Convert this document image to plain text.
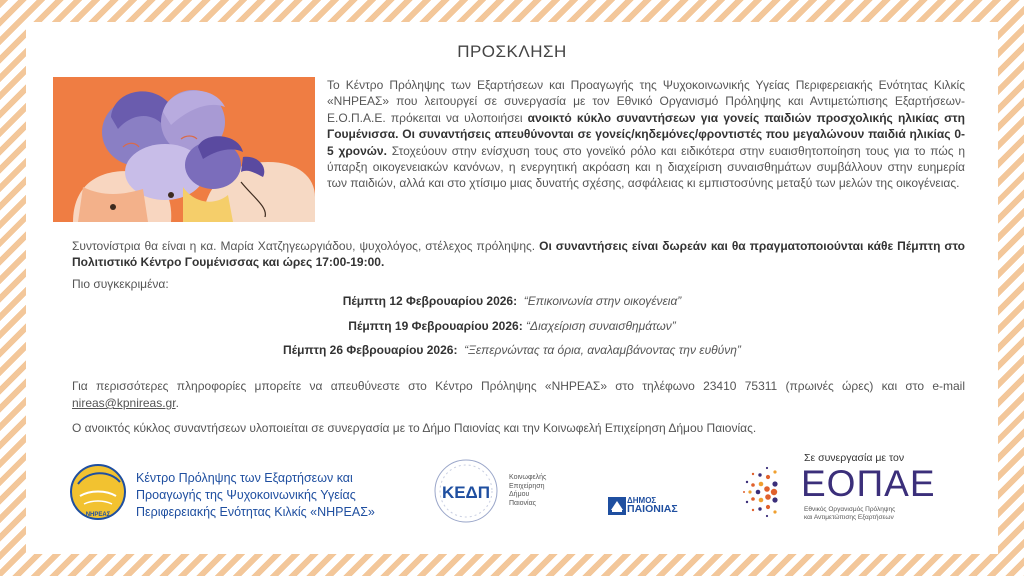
ΠΡΟΣΚΛΗΣΗ
Το Κέντρο Πρόληψης των Εξαρτήσεων και Προαγωγής της Ψυχοκοινωνικής Υγείας Περιφερειακής Ενότητας Κιλκίς «ΝΗΡΕΑΣ» που λειτουργεί σε συνεργασία με τον Εθνικό Οργανισμό Πρόληψης και Αντιμετώπισης Εξαρτήσεων-Ε.Ο.Π.Α.Ε. πρόκειται να υλοποιήσει ανοικτό κύκλο συναντήσεων για γονείς παιδιών προσχολικής ηλικίας στη Γουμένισσα. Οι συναντήσεις απευθύνονται σε γονείς/κηδεμόνες/φροντιστές που μεγαλώνουν παιδιά ηλικίας 0-5 χρονών. Στοχεύουν στην ενίσχυση τους στο γονεϊκό ρόλο και ειδικότερα στην ευαισθητοποίηση τους για το πώς η ύπαρξη οικογενειακών κανόνων, η ενεργητική ακρόαση και η διαχείριση συναισθημάτων συμβάλλουν στην ευημερία των παιδιών, αλλά και στο χτίσιμο μιας δυνατής σχέσης, ασφάλειας κι εμπιστοσύνης μεταξύ των μελών της οικογένειας.
Συντονίστρια θα είναι η κα. Μαρία Χατζηγεωργιάδου, ψυχολόγος, στέλεχος πρόληψης. Οι συναντήσεις είναι δωρεάν και θα πραγματοποιούνται κάθε Πέμπτη στο Πολιτιστικό Κέντρο Γουμένισσας και ώρες 17:00-19:00.
Πιο συγκεκριμένα:
Πέμπτη 12 Φεβρουαρίου 2026: “Επικοινωνία στην οικογένεια”
Πέμπτη 19 Φεβρουαρίου 2026: “Διαχείριση συναισθημάτων”
Πέμπτη 26 Φεβρουαρίου 2026: “Ξεπερνώντας τα όρια, αναλαμβάνοντας την ευθύνη”
Για περισσότερες πληροφορίες μπορείτε να απευθύνεστε στο Κέντρο Πρόληψης «ΝΗΡΕΑΣ» στο τηλέφωνο 23410 75311 (πρωινές ώρες) και στο e-mail nireas@kpnireas.gr.
Ο ανοικτός κύκλος συναντήσεων υλοποιείται σε συνεργασία με το Δήμο Παιονίας και την Κοινωφελή Επιχείρηση Δήμου Παιονίας.
ΝΗΡΕΑΣ
Κέντρο Πρόληψης των Εξαρτήσεων και
Προαγωγής της Ψυχοκοινωνικής Υγείας
Περιφερειακής Ενότητας Κιλκίς «ΝΗΡΕΑΣ»
ΚΕΔΠ
Κοινωφελής
Επιχείρηση
Δήμου
Παιονίας	ΔΗΜΟΣ
ΠΑΙΟΝΙΑΣ
Σε συνεργασία με τον
ΕΟΠΑΕ
Εθνικός Οργανισμός Πρόληψης
και Αντιμετώπισης Εξαρτήσεων
